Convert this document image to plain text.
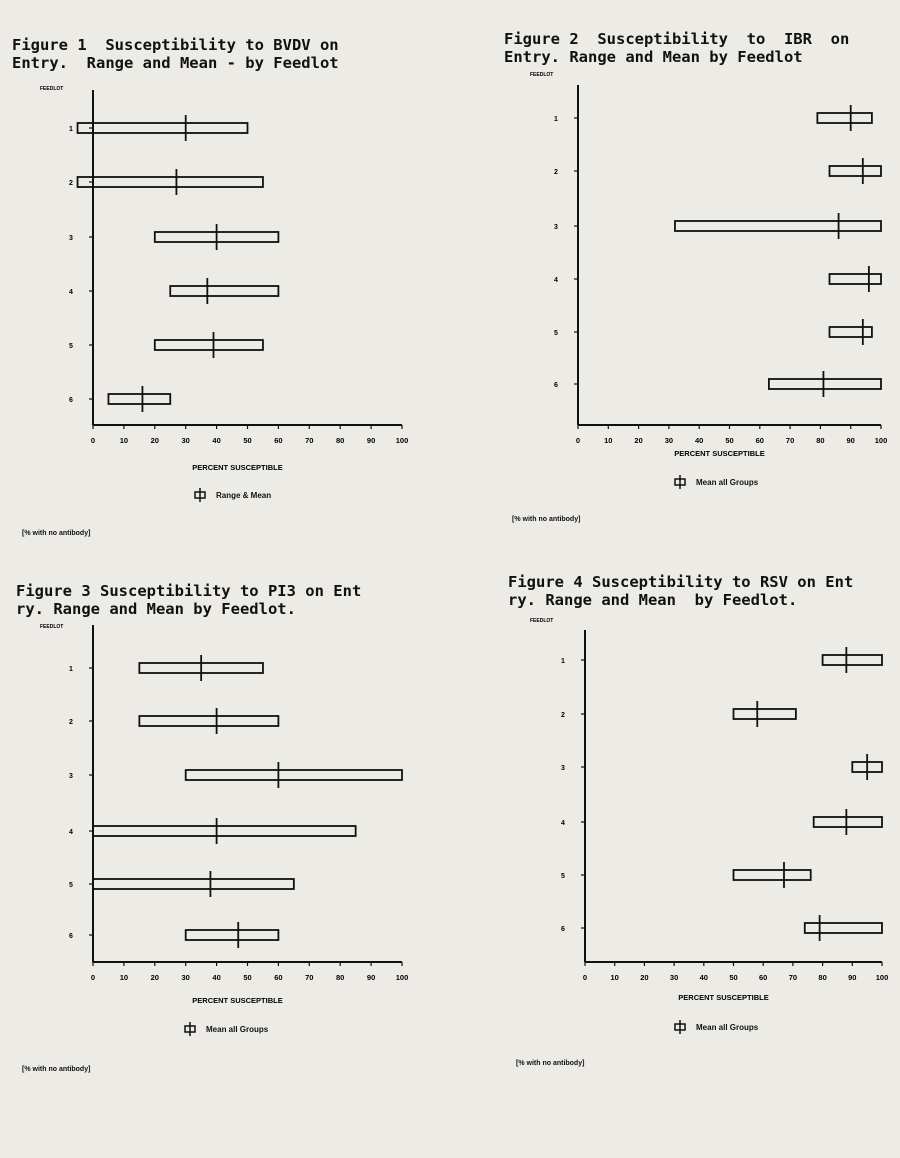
Figure 1  Susceptibility to BVDV on
Entry.  Range and Mean - by Feedlot
FEEDLOT
0	10	20	30	40	50	60	70	80	90	100
PERCENT SUSCEPTIBLE
1
2
3
4
5
6
Range & Mean
[% with no antibody]
Figure 2  Susceptibility  to  IBR  on
Entry. Range and Mean by Feedlot
FEEDLOT
0	10	20	30	40	50	60	70	80	90	100
PERCENT SUSCEPTIBLE
1
2
3
4
5
6
Mean all Groups
[% with no antibody]
Figure 3 Susceptibility to PI3 on Ent
ry. Range and Mean by Feedlot.
FEEDLOT
0	10	20	30	40	50	60	70	80	90	100
PERCENT SUSCEPTIBLE
1
2
3
4
5
6
Mean all Groups
[% with no antibody]
Figure 4 Susceptibility to RSV on Ent
ry. Range and Mean  by Feedlot.
FEEDLOT
0	10	20	30	40	50	60	70	80	90	100
PERCENT SUSCEPTIBLE
1
2
3
4
5
6
Mean all Groups
[% with no antibody]
